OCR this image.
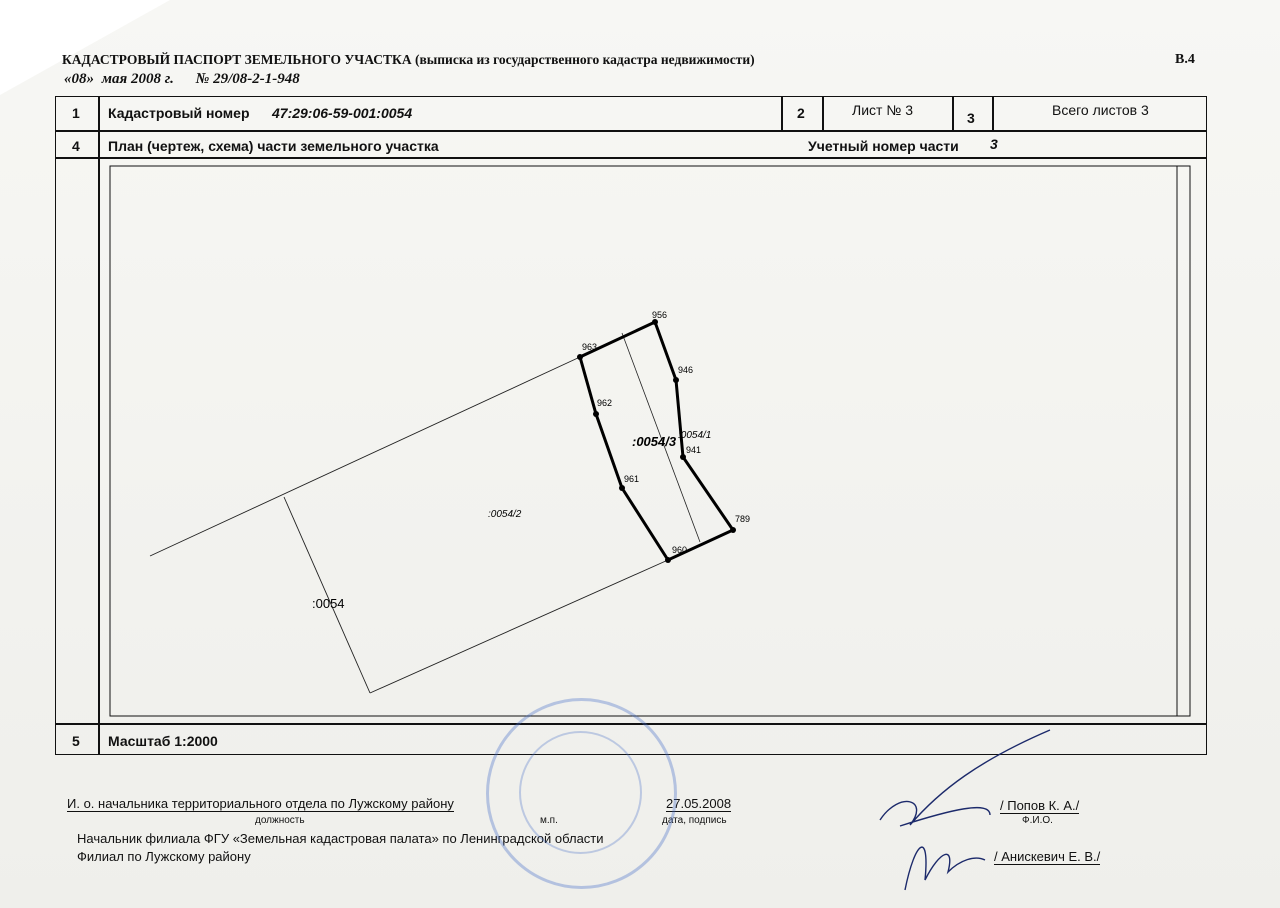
КАДАСТРОВЫЙ ПАСПОРТ ЗЕМЕЛЬНОГО УЧАСТКА (выписка из государственного кадастра недвижимости)	В.4
«08» мая 2008 г. № 29/08-2-1-948
1 Кадастровый номер 47:29:06-59-001:0054	2	Лист № 3	3	Всего листов 3
4 План (чертеж, схема) части земельного участка	Учетный номер части 3
5 Масштаб 1:2000
956
963
946
962
941
961
789
960
:0054/3 :0054/1
:0054/2
:0054
И. о. начальника территориального отдела по Лужскому району
должность	м.п.
27.05.2008
дата, подпись
/ Попов К. А./
Ф.И.О.
Начальник филиала ФГУ «Земельная кадастровая палата» по Ленинградской области
Филиал по Лужскому району	/ Анискевич Е. В./
